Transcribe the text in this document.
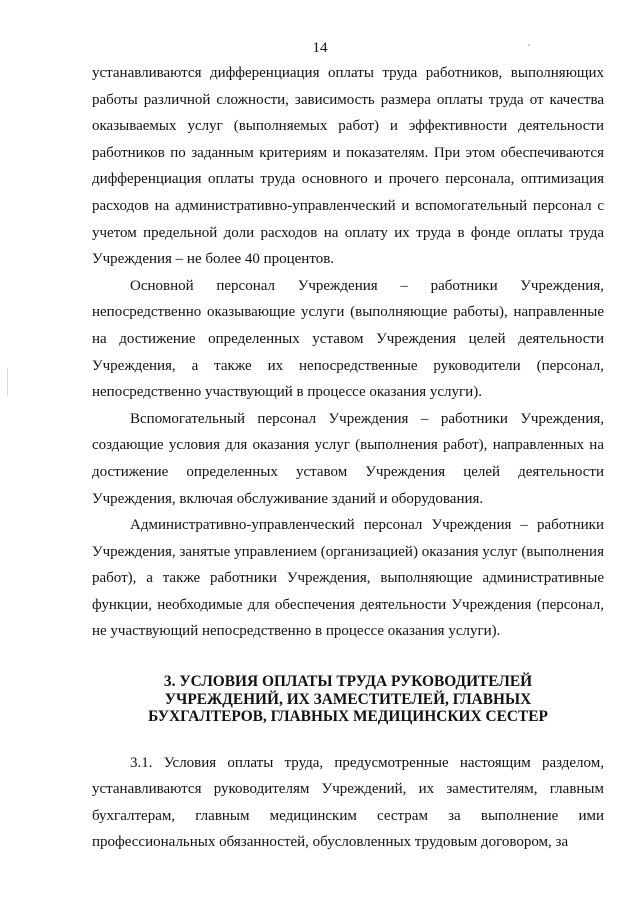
14

устанавливаются дифференциация оплаты труда работников, выполняющих работы различной сложности, зависимость размера оплаты труда от качества оказываемых услуг (выполняемых работ) и эффективности деятельности работников по заданным критериям и показателям. При этом обеспечиваются дифференциация оплаты труда основного и прочего персонала, оптимизация расходов на административно-управленческий и вспомогательный персонал с учетом предельной доли расходов на оплату их труда в фонде оплаты труда Учреждения – не более 40 процентов.

Основной персонал Учреждения – работники Учреждения, непосредственно оказывающие услуги (выполняющие работы), направленные на достижение определенных уставом Учреждения целей деятельности Учреждения, а также их непосредственные руководители (персонал, непосредственно участвующий в процессе оказания услуги).

Вспомогательный персонал Учреждения – работники Учреждения, создающие условия для оказания услуг (выполнения работ), направленных на достижение определенных уставом Учреждения целей деятельности Учреждения, включая обслуживание зданий и оборудования.

Административно-управленческий персонал Учреждения – работники Учреждения, занятые управлением (организацией) оказания услуг (выполнения работ), а также работники Учреждения, выполняющие административные функции, необходимые для обеспечения деятельности Учреждения (персонал, не участвующий непосредственно в процессе оказания услуги).

3. УСЛОВИЯ ОПЛАТЫ ТРУДА РУКОВОДИТЕЛЕЙ УЧРЕЖДЕНИЙ, ИХ ЗАМЕСТИТЕЛЕЙ, ГЛАВНЫХ БУХГАЛТЕРОВ, ГЛАВНЫХ МЕДИЦИНСКИХ СЕСТЕР

3.1. Условия оплаты труда, предусмотренные настоящим разделом, устанавливаются руководителям Учреждений, их заместителям, главным бухгалтерам, главным медицинским сестрам за выполнение ими профессиональных обязанностей, обусловленных трудовым договором, за
